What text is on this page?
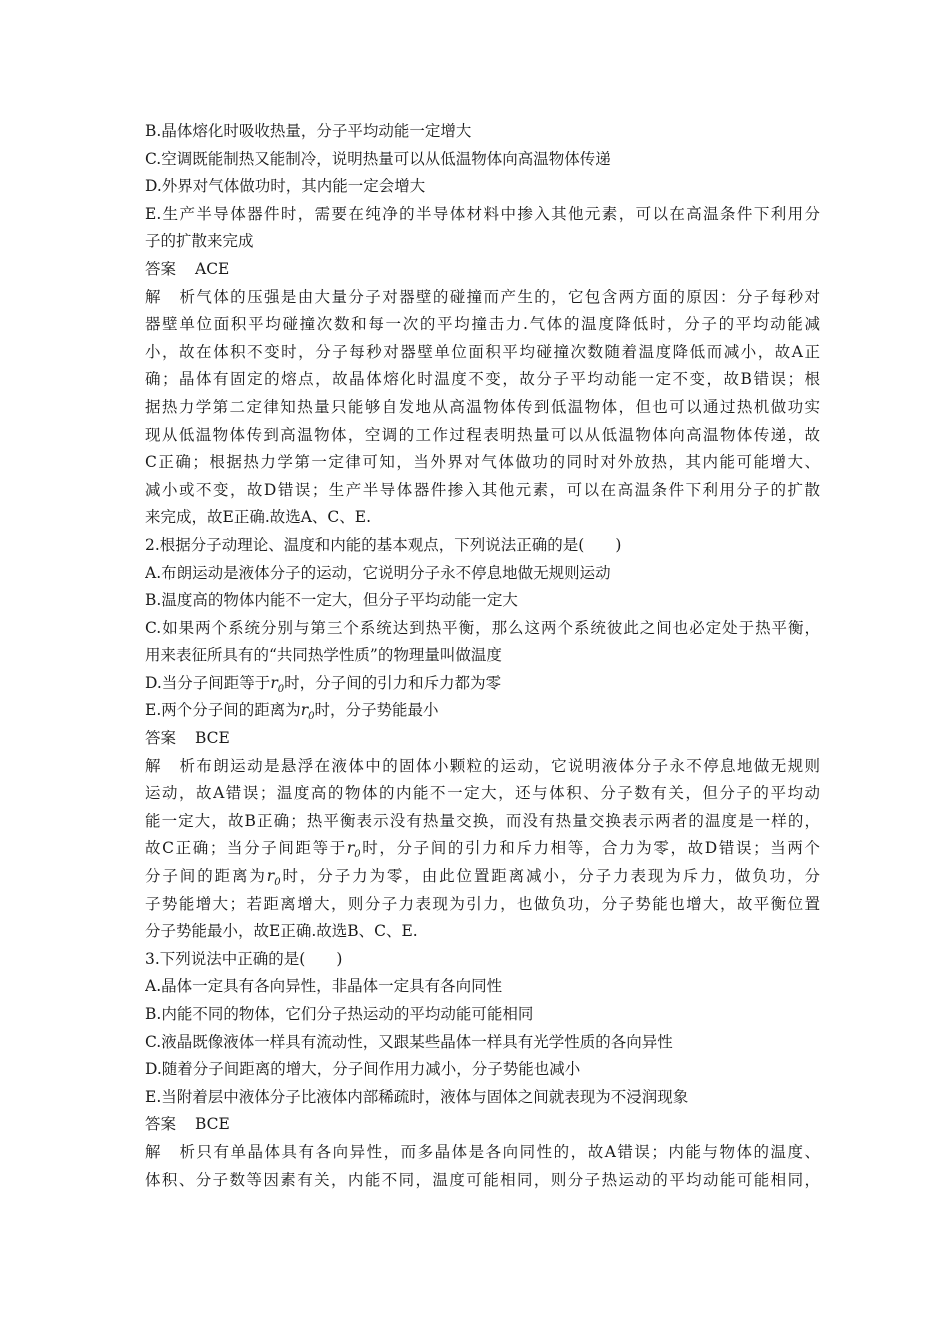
B.晶体熔化时吸收热量，分子平均动能一定增大
C.空调既能制热又能制冷，说明热量可以从低温物体向高温物体传递
D.外界对气体做功时，其内能一定会增大
E.生产半导体器件时，需要在纯净的半导体材料中掺入其他元素，可以在高温条件下利用分
子的扩散来完成
答案 ACE
解析气体的压强是由大量分子对器壁的碰撞而产生的，它包含两方面的原因：分子每秒对
器壁单位面积平均碰撞次数和每一次的平均撞击力.气体的温度降低时，分子的平均动能减
小，故在体积不变时，分子每秒对器壁单位面积平均碰撞次数随着温度降低而减小，故A正
确；晶体有固定的熔点，故晶体熔化时温度不变，故分子平均动能一定不变，故B错误；根
据热力学第二定律知热量只能够自发地从高温物体传到低温物体，但也可以通过热机做功实
现从低温物体传到高温物体，空调的工作过程表明热量可以从低温物体向高温物体传递，故
C正确；根据热力学第一定律可知，当外界对气体做功的同时对外放热，其内能可能增大、
减小或不变，故D错误；生产半导体器件掺入其他元素，可以在高温条件下利用分子的扩散
来完成，故E正确.故选A、C、E.
2.根据分子动理论、温度和内能的基本观点，下列说法正确的是(　　)
A.布朗运动是液体分子的运动，它说明分子永不停息地做无规则运动
B.温度高的物体内能不一定大，但分子平均动能一定大
C.如果两个系统分别与第三个系统达到热平衡，那么这两个系统彼此之间也必定处于热平衡，
用来表征所具有的“共同热学性质”的物理量叫做温度
D.当分子间距等于$r_0$时，分子间的引力和斥力都为零
E.两个分子间的距离为$r_0$时，分子势能最小
答案 BCE
解析布朗运动是悬浮在液体中的固体小颗粒的运动，它说明液体分子永不停息地做无规则
运动，故A错误；温度高的物体的内能不一定大，还与体积、分子数有关，但分子的平均动
能一定大，故B正确；热平衡表示没有热量交换，而没有热量交换表示两者的温度是一样的，
故C正确；当分子间距等于$r_0$时，分子间的引力和斥力相等，合力为零，故D错误；当两个
分子间的距离为$r_0$时，分子力为零，由此位置距离减小，分子力表现为斥力，做负功，分
子势能增大；若距离增大，则分子力表现为引力，也做负功，分子势能也增大，故平衡位置
分子势能最小，故E正确.故选B、C、E.
3.下列说法中正确的是(　　)
A.晶体一定具有各向异性，非晶体一定具有各向同性
B.内能不同的物体，它们分子热运动的平均动能可能相同
C.液晶既像液体一样具有流动性，又跟某些晶体一样具有光学性质的各向异性
D.随着分子间距离的增大，分子间作用力减小，分子势能也减小
E.当附着层中液体分子比液体内部稀疏时，液体与固体之间就表现为不浸润现象
答案 BCE
解析只有单晶体具有各向异性，而多晶体是各向同性的，故A错误；内能与物体的温度、
体积、分子数等因素有关，内能不同，温度可能相同，则分子热运动的平均动能可能相同，
